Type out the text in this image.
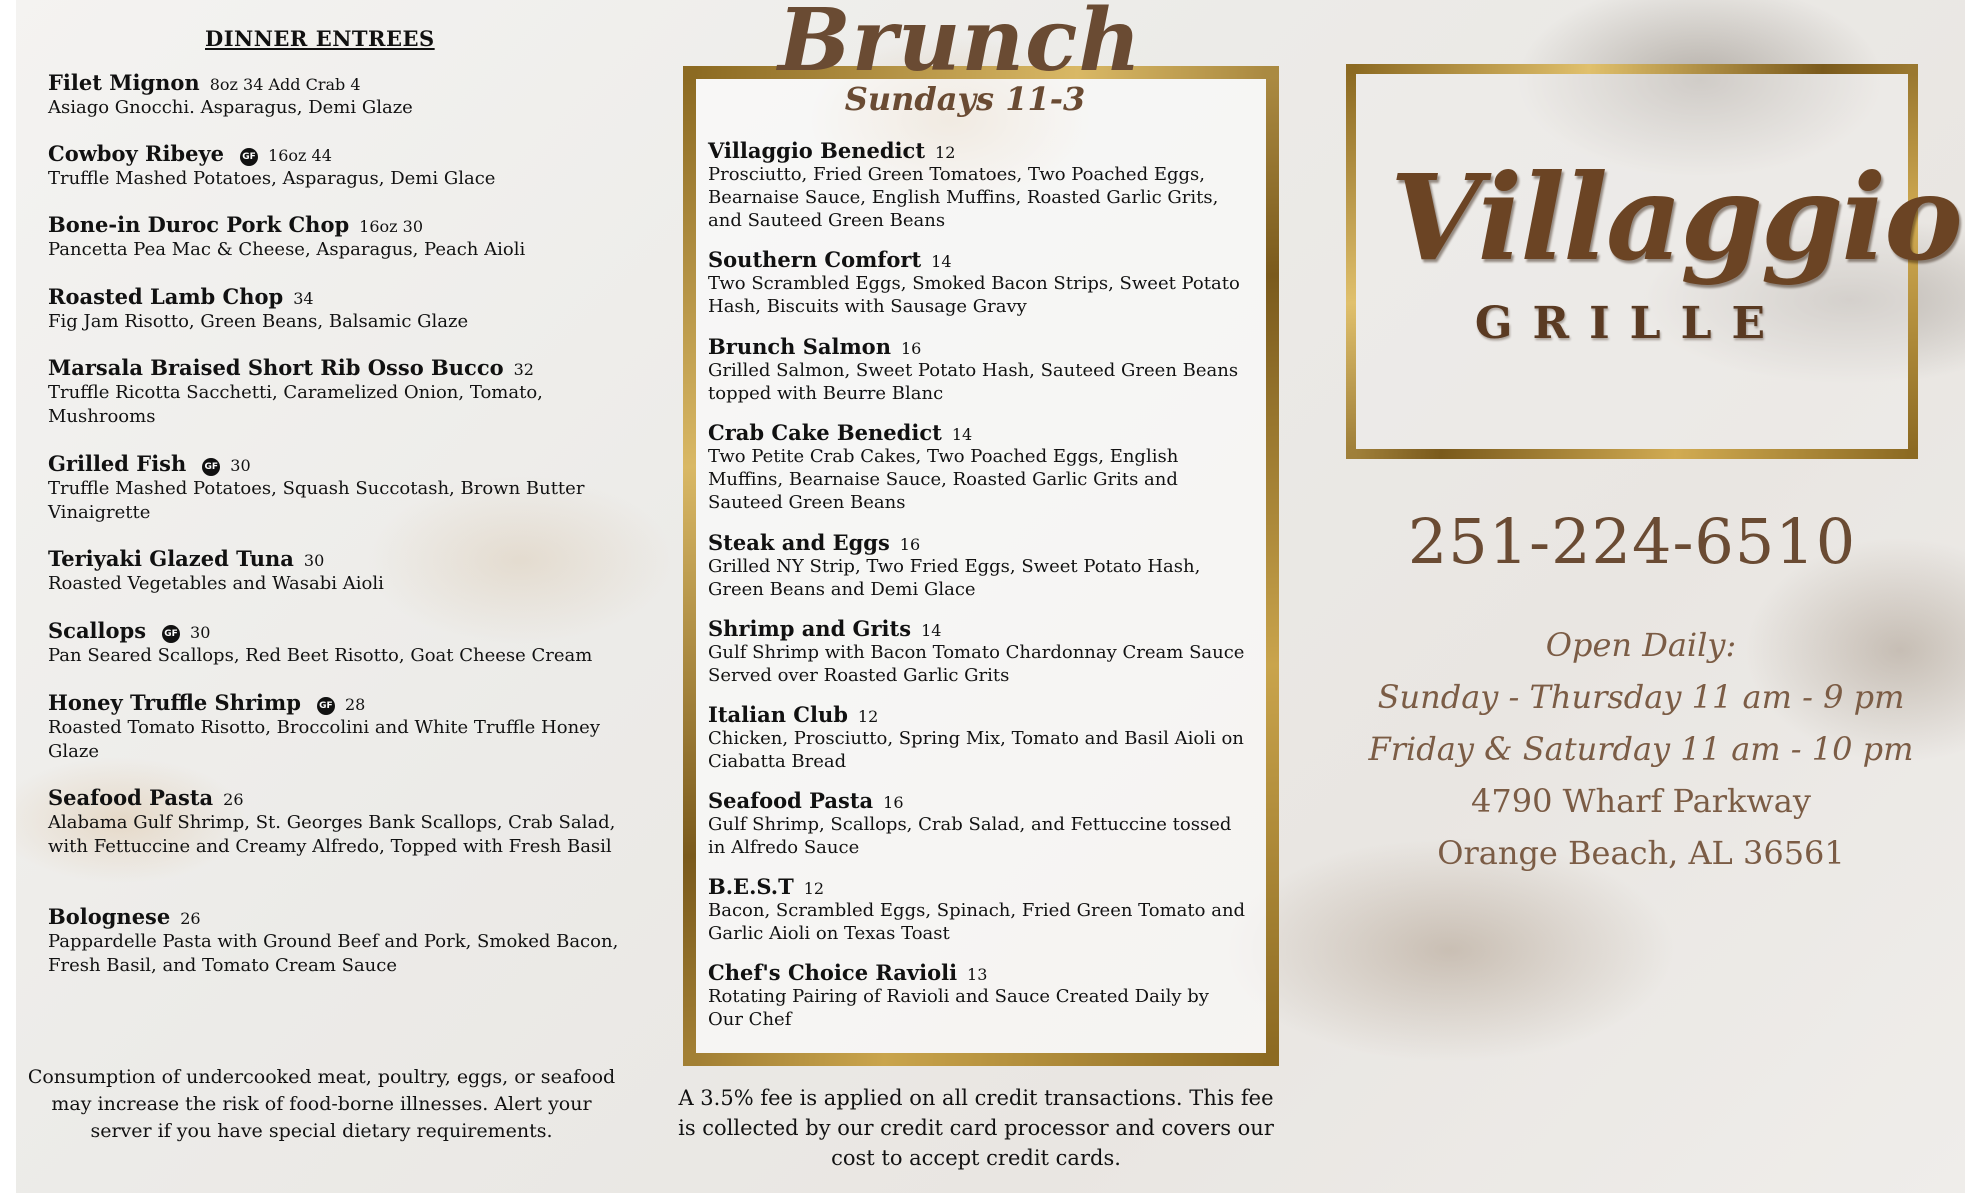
DINNER ENTREES
Filet Mignon 8oz 34 Add Crab 4
Asiago Gnocchi. Asparagus, Demi Glaze
Cowboy Ribeye GF 16oz 44
Truffle Mashed Potatoes, Asparagus, Demi Glace
Bone-in Duroc Pork Chop 16oz 30
Pancetta Pea Mac & Cheese, Asparagus, Peach Aioli
Roasted Lamb Chop 34
Fig Jam Risotto, Green Beans, Balsamic Glaze
Marsala Braised Short Rib Osso Bucco 32
Truffle Ricotta Sacchetti, Caramelized Onion, Tomato, Mushrooms
Grilled Fish GF 30
Truffle Mashed Potatoes, Squash Succotash, Brown Butter Vinaigrette
Teriyaki Glazed Tuna 30
Roasted Vegetables and Wasabi Aioli
Scallops GF 30
Pan Seared Scallops, Red Beet Risotto, Goat Cheese Cream
Honey Truffle Shrimp GF 28
Roasted Tomato Risotto, Broccolini and White Truffle Honey Glaze
Seafood Pasta 26
Alabama Gulf Shrimp, St. Georges Bank Scallops, Crab Salad, with Fettuccine and Creamy Alfredo, Topped with Fresh Basil
Bolognese 26
Pappardelle Pasta with Ground Beef and Pork, Smoked Bacon, Fresh Basil, and Tomato Cream Sauce
Consumption of undercooked meat, poultry, eggs, or seafood may increase the risk of food-borne illnesses. Alert your server if you have special dietary requirements.
Brunch
Sundays 11-3
Villaggio Benedict 12
Prosciutto, Fried Green Tomatoes, Two Poached Eggs, Bearnaise Sauce, English Muffins, Roasted Garlic Grits, and Sauteed Green Beans
Southern Comfort 14
Two Scrambled Eggs, Smoked Bacon Strips, Sweet Potato Hash, Biscuits with Sausage Gravy
Brunch Salmon 16
Grilled Salmon, Sweet Potato Hash, Sauteed Green Beans topped with Beurre Blanc
Crab Cake Benedict 14
Two Petite Crab Cakes, Two Poached Eggs, English Muffins, Bearnaise Sauce, Roasted Garlic Grits and Sauteed Green Beans
Steak and Eggs 16
Grilled NY Strip, Two Fried Eggs, Sweet Potato Hash, Green Beans and Demi Glace
Shrimp and Grits 14
Gulf Shrimp with Bacon Tomato Chardonnay Cream Sauce Served over Roasted Garlic Grits
Italian Club 12
Chicken, Prosciutto, Spring Mix, Tomato and Basil Aioli on Ciabatta Bread
Seafood Pasta 16
Gulf Shrimp, Scallops, Crab Salad, and Fettuccine tossed in Alfredo Sauce
B.E.S.T 12
Bacon, Scrambled Eggs, Spinach, Fried Green Tomato and Garlic Aioli on Texas Toast
Chef's Choice Ravioli 13
Rotating Pairing of Ravioli and Sauce Created Daily by Our Chef
A 3.5% fee is applied on all credit transactions. This fee is collected by our credit card processor and covers our cost to accept credit cards.
Villaggio
GRILLE
251-224-6510
Open Daily:
Sunday - Thursday 11 am - 9 pm
Friday & Saturday 11 am - 10 pm
4790 Wharf Parkway
Orange Beach, AL 36561
